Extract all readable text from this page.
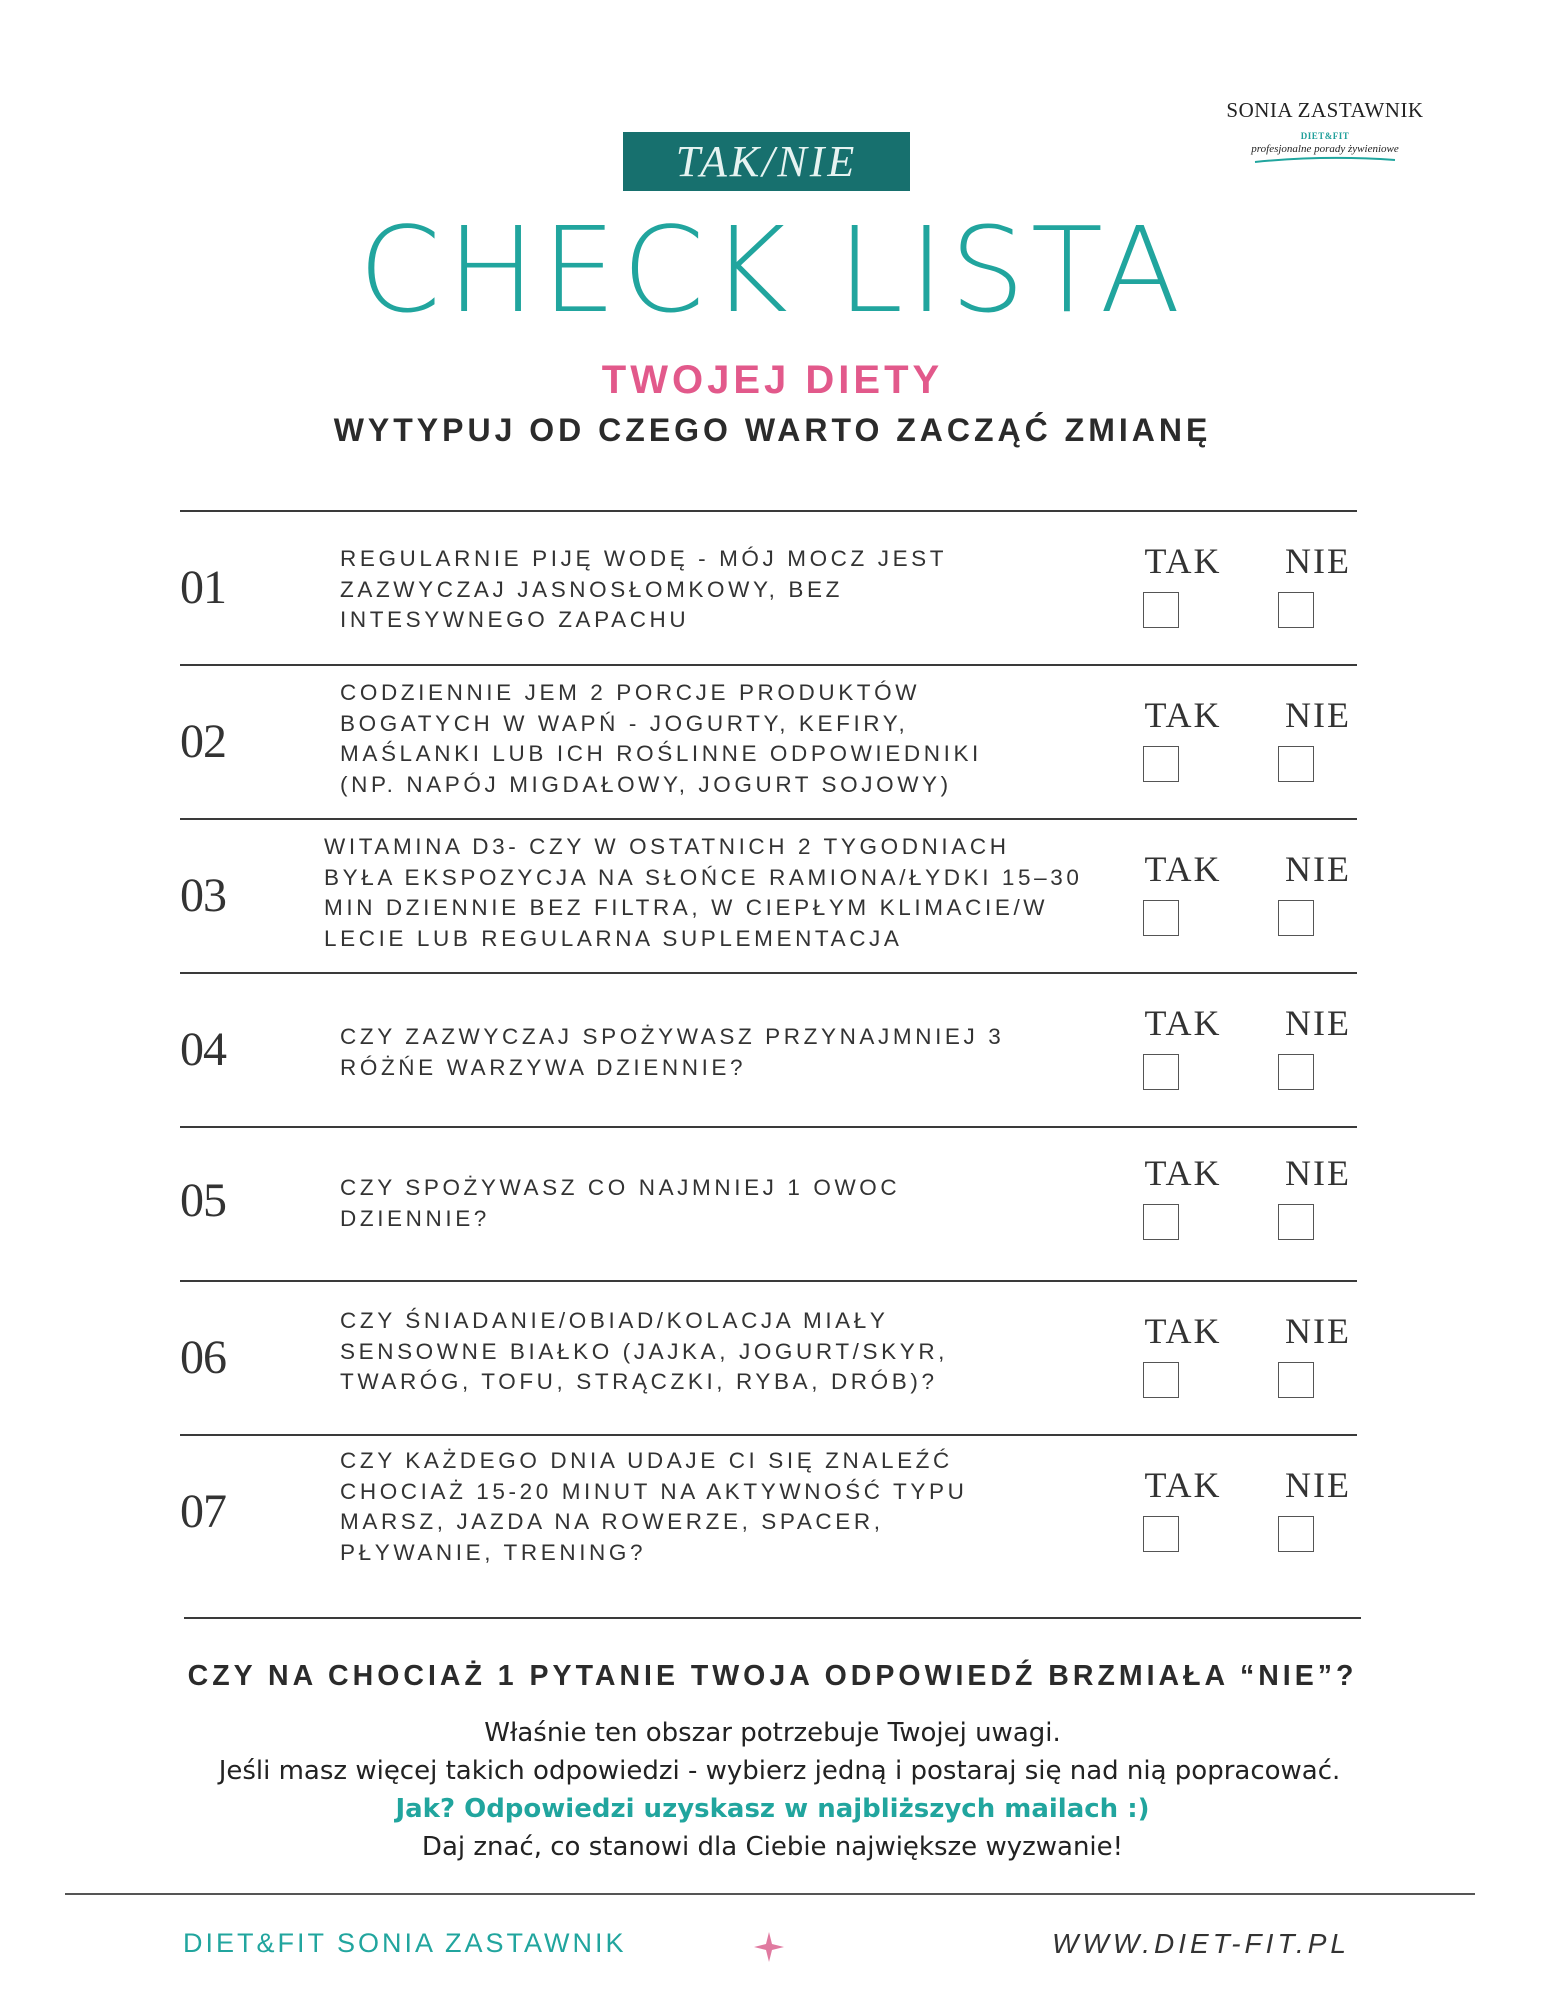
SONIA ZASTAWNIK
DIET&FIT
profesjonalne porady żywieniowe
TAK/NIE
CHECK LISTA
TWOJEJ DIETY
WYTYPUJ OD CZEGO WARTO ZACZĄĆ ZMIANĘ
01
REGULARNIE PIJĘ WODĘ - MÓJ MOCZ JEST
ZAZWYCZAJ JASNOSŁOMKOWY, BEZ
INTESYWNEGO ZAPACHU
TAK	NIE
02
CODZIENNIE JEM 2 PORCJE PRODUKTÓW
BOGATYCH W WAPŃ - JOGURTY, KEFIRY,
MAŚLANKI LUB ICH ROŚLINNE ODPOWIEDNIKI
(NP. NAPÓJ MIGDAŁOWY, JOGURT SOJOWY)
TAK	NIE
03
WITAMINA D3- CZY W OSTATNICH 2 TYGODNIACH
BYŁA EKSPOZYCJA NA SŁOŃCE RAMIONA/ŁYDKI 15–30
MIN DZIENNIE BEZ FILTRA, W CIEPŁYM KLIMACIE/W
LECIE LUB REGULARNA SUPLEMENTACJA
TAK	NIE
04	CZY ZAZWYCZAJ SPOŻYWASZ PRZYNAJMNIEJ 3
RÓŻŃE WARZYWA DZIENNIE?
TAK	NIE
05	CZY SPOŻYWASZ CO NAJMNIEJ 1 OWOC
DZIENNIE?
TAK	NIE
06
CZY ŚNIADANIE/OBIAD/KOLACJA MIAŁY
SENSOWNE BIAŁKO (JAJKA, JOGURT/SKYR,
TWARÓG, TOFU, STRĄCZKI, RYBA, DRÓB)?
TAK	NIE
07
CZY KAŻDEGO DNIA UDAJE CI SIĘ ZNALEŹĆ
CHOCIAŻ 15-20 MINUT NA AKTYWNOŚĆ TYPU
MARSZ, JAZDA NA ROWERZE, SPACER,
PŁYWANIE, TRENING?
TAK	NIE
CZY NA CHOCIAŻ 1 PYTANIE TWOJA ODPOWIEDŹ BRZMIAŁA “NIE”?
Właśnie ten obszar potrzebuje Twojej uwagi.
Jeśli masz więcej takich odpowiedzi - wybierz jedną i postaraj się nad nią popracować.
Jak? Odpowiedzi uzyskasz w najbliższych mailach :)
Daj znać, co stanowi dla Ciebie największe wyzwanie!
DIET&FIT SONIA ZASTAWNIK	WWW.DIET-FIT.PL
